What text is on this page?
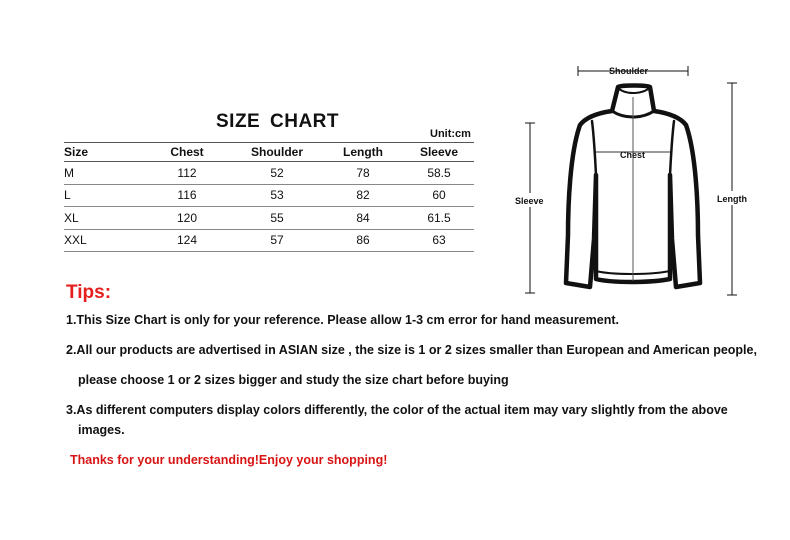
SIZE CHART
Unit:cm
Size	Chest	Shoulder	Length	Sleeve
M	112	52	78	58.5
L	116	53	82	60
XL	120	55	84	61.5
XXL	124	57	86	63
Shoulder
Sleeve	Length
Chest
Tips:
1.This Size Chart is only for your reference. Please allow 1-3 cm error for hand measurement.
2.All our products are advertised in ASIAN size , the size is 1 or 2 sizes smaller than European and American people,
please choose 1 or 2 sizes bigger and study the size chart before buying
3.As different computers display colors differently, the color of the actual item may vary slightly from the above
images.
Thanks for your understanding!Enjoy your shopping!
